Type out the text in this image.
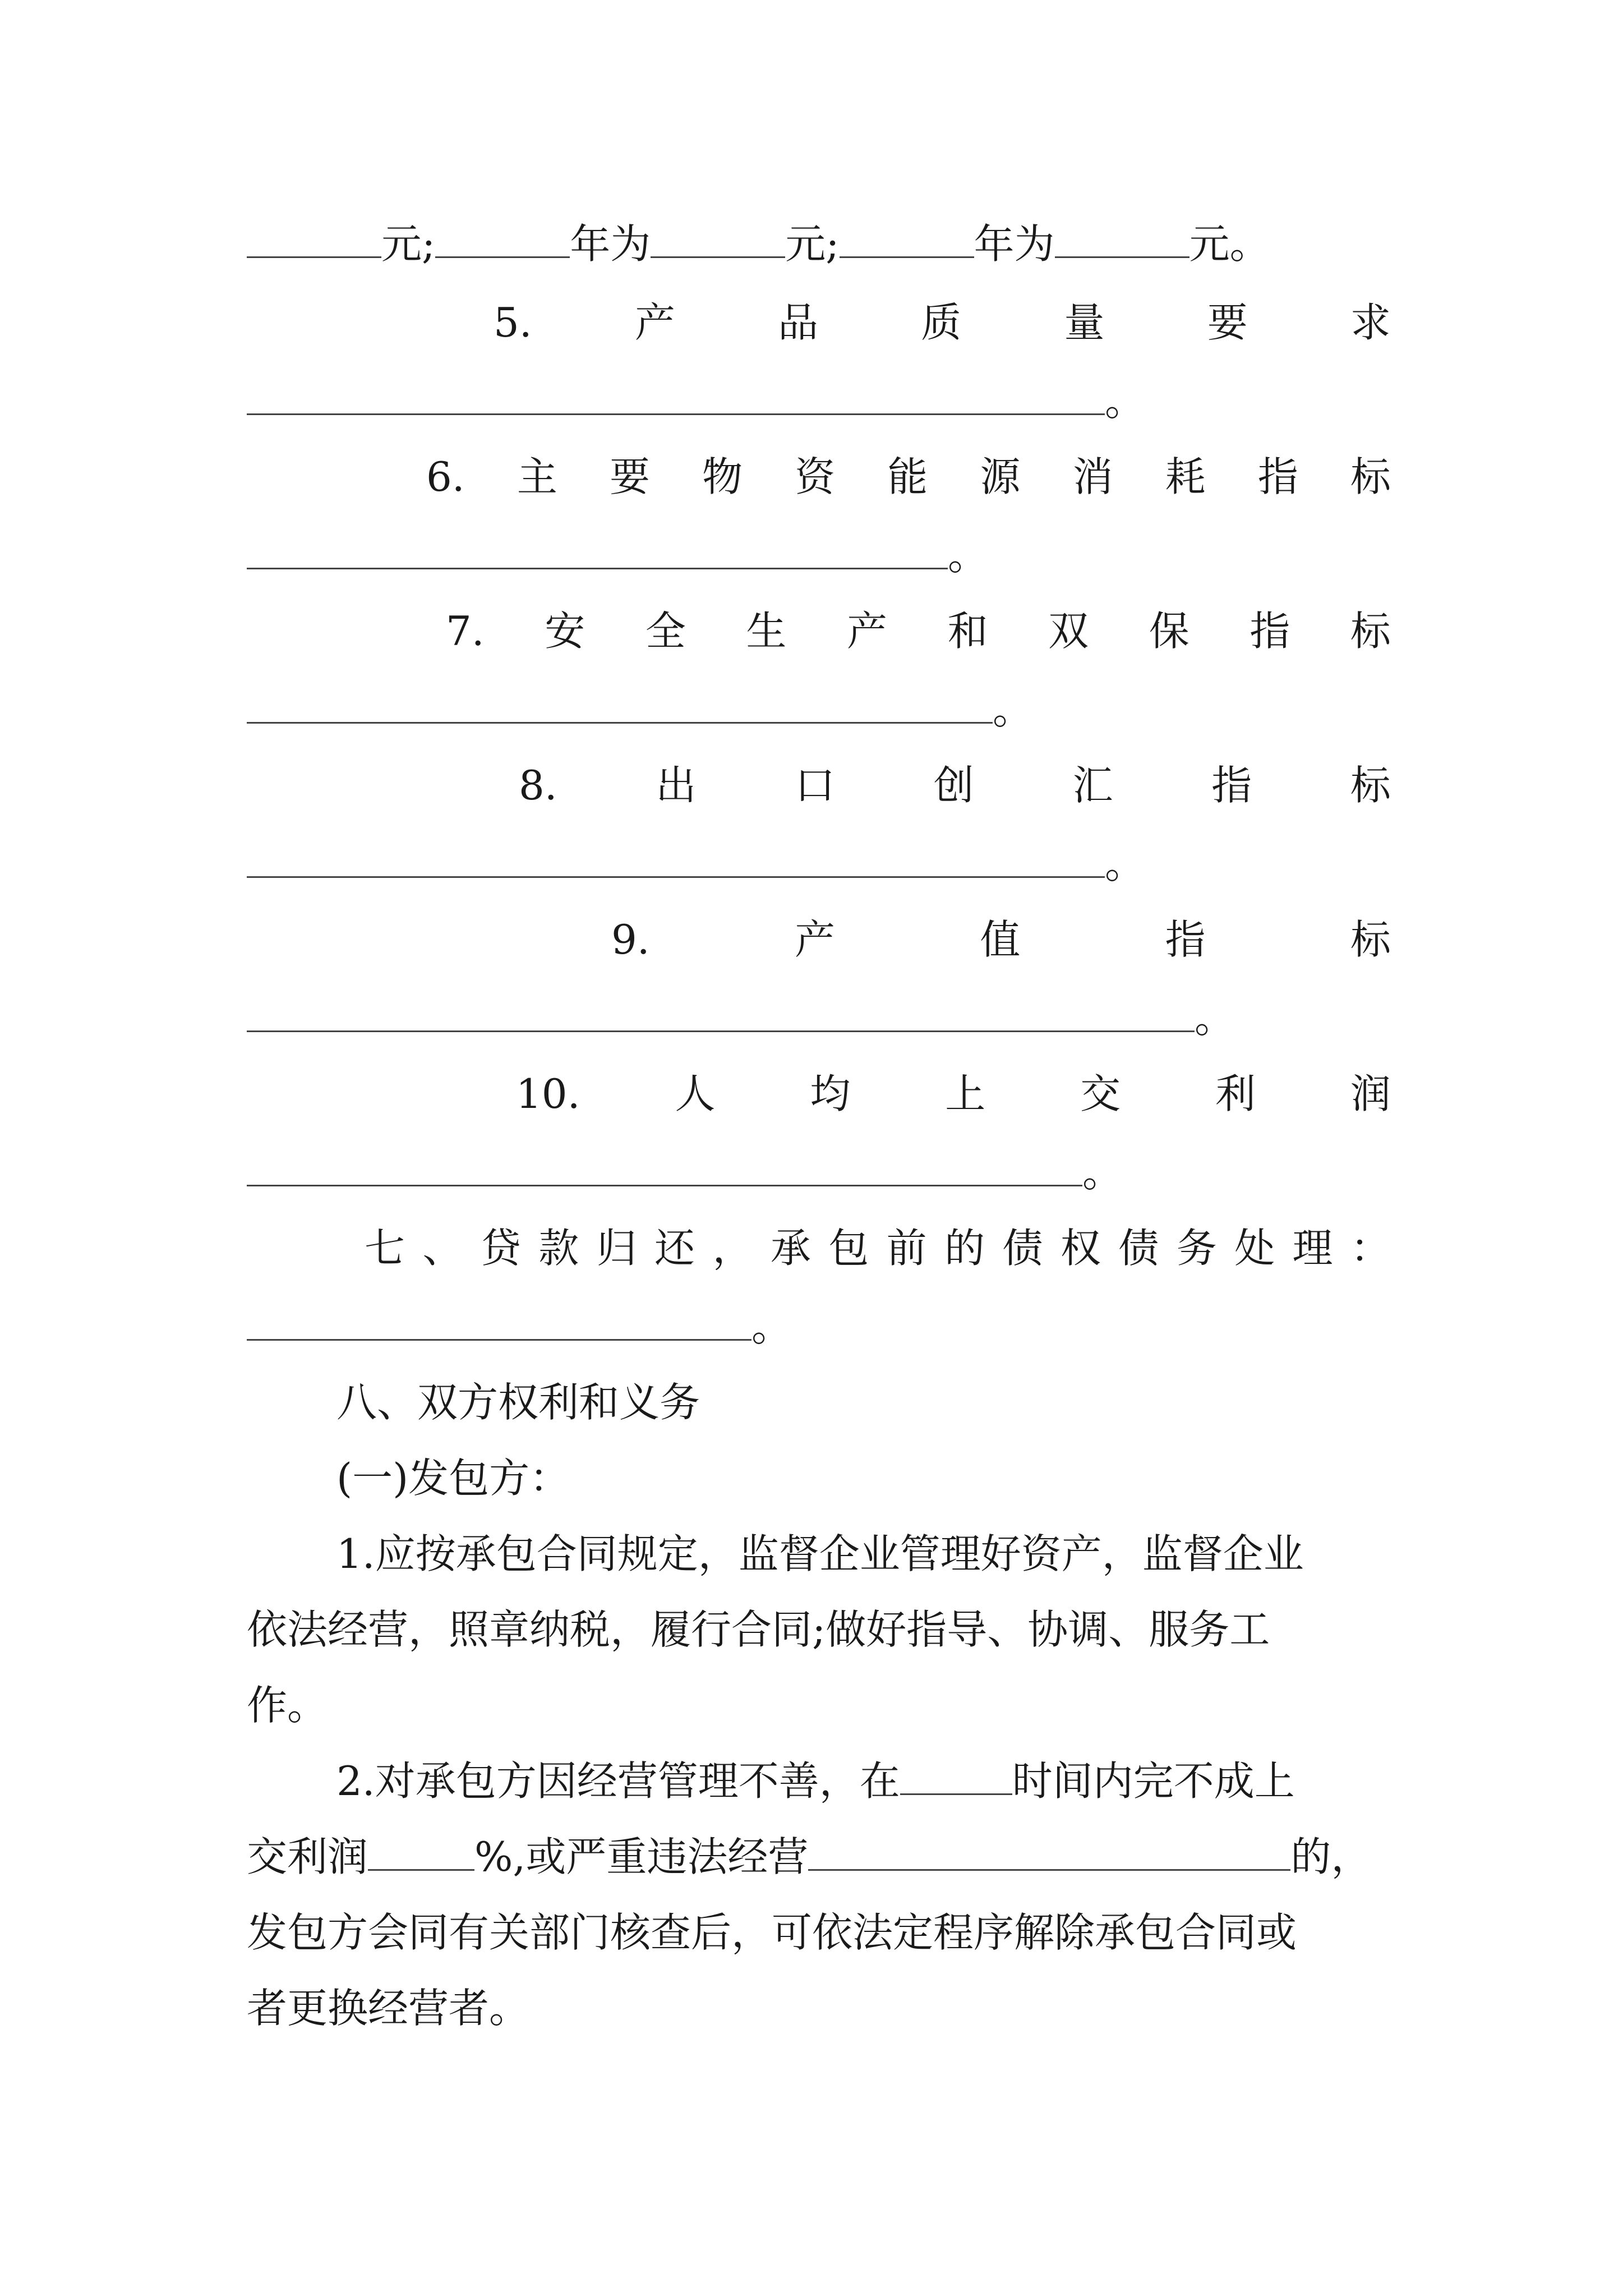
元;	年为	元;	年为	元。
5.	产	品	质	量	要	求
。
6. 主 要 物 资 能 源 消 耗 指 标
。
7. 安 全 生 产 和 双 保 指 标
。
8. 出 口 创 汇 指 标
。
9.	产	值	指	标
。
10. 人 均 上 交 利 润
。
七 、 贷 款 归 还 ， 承 包 前 的 债 权 债 务 处 理 ：
。
八、双方权利和义务
(一)发包方：
1.应按承包合同规定，监督企业管理好资产，监督企业
依法经营，照章纳税，履行合同;做好指导、协调、服务工
作。
2.对承包方因经营管理不善，在	时间内完不成上
交利润	%,或严重违法经营	的，
发包方会同有关部门核查后，可依法定程序解除承包合同或
者更换经营者。
